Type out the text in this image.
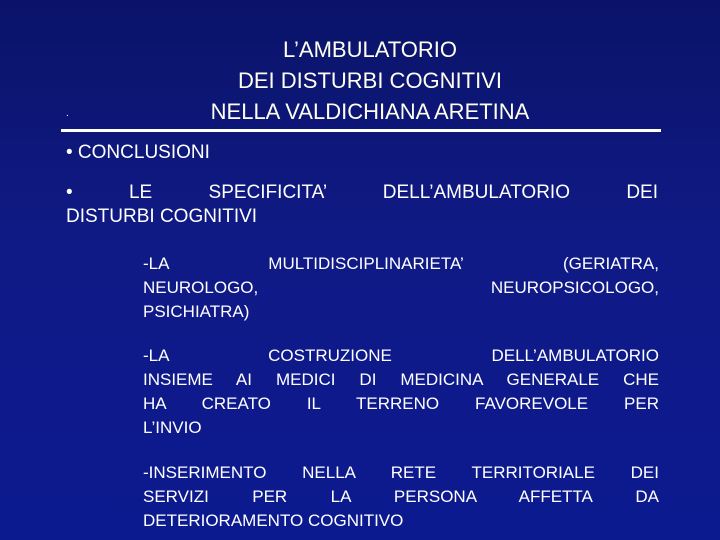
L’AMBULATORIO
DEI DISTURBI COGNITIVI
NELLA VALDICHIANA ARETINA
.
• CONCLUSIONI
• LE SPECIFICITA’ DELL’AMBULATORIO DEI
DISTURBI COGNITIVI
-LA MULTIDISCIPLINARIETA’ (GERIATRA,
NEUROLOGO, NEUROPSICOLOGO,
PSICHIATRA)
-LA COSTRUZIONE DELL’AMBULATORIO
INSIEME AI MEDICI DI MEDICINA GENERALE CHE
HA CREATO IL TERRENO FAVOREVOLE PER
L’INVIO
-INSERIMENTO NELLA RETE TERRITORIALE DEI
SERVIZI PER LA PERSONA AFFETTA DA
DETERIORAMENTO COGNITIVO
